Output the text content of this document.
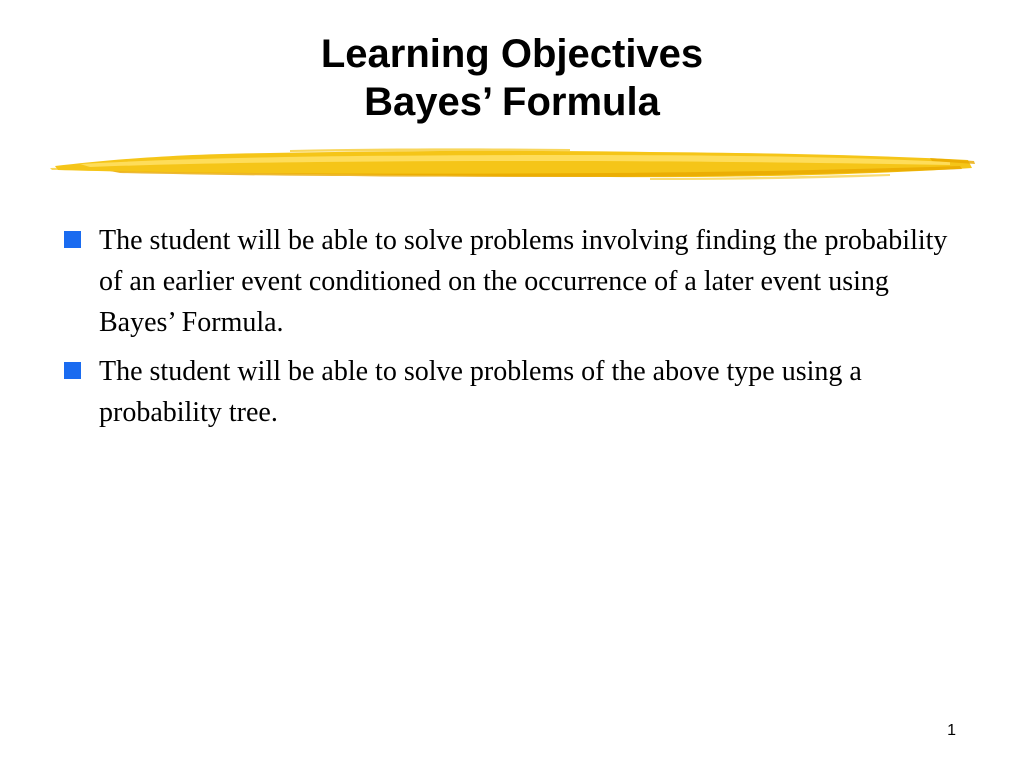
Learning Objectives
Bayes’ Formula
The student will be able to solve problems involving finding the probability of an earlier event conditioned on the occurrence of a later event using Bayes’ Formula.
The student will be able to solve problems of the above type using a probability tree.
1
